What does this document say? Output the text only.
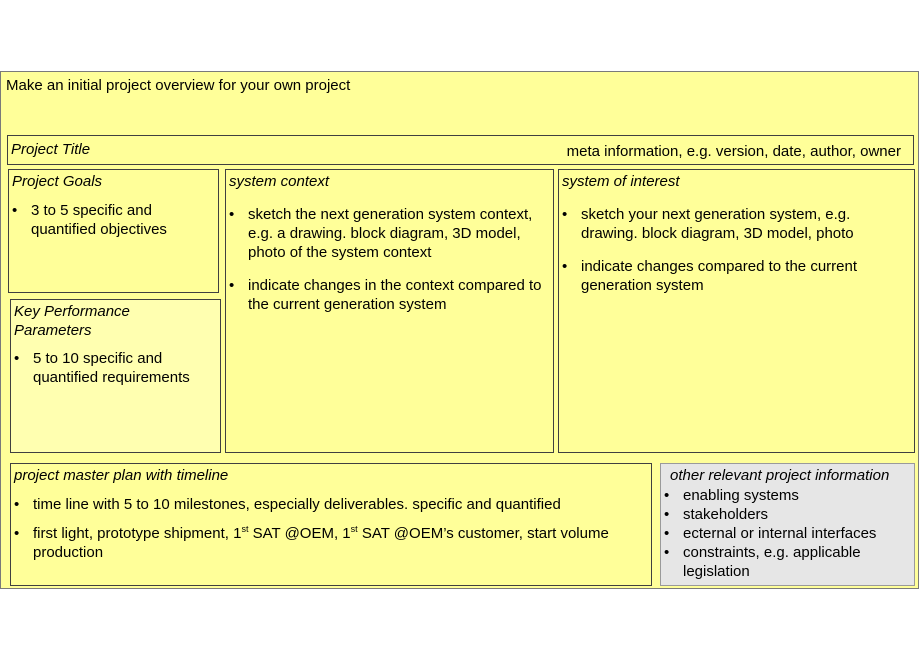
Make an initial project overview for your own project
Project Title	meta information, e.g. version, date, author, owner
Project Goals
• 3 to 5 specific and quantified objectives
Key Performance Parameters
• 5 to 10 specific and quantified requirements
system context
• sketch the next generation system context, e.g. a drawing. block diagram, 3D model, photo of the system context
• indicate changes in the context compared to the current generation system
system of interest
• sketch your next generation system, e.g. drawing. block diagram, 3D model, photo
• indicate changes compared to the current generation system
project master plan with timeline
• time line with 5 to 10 milestones, especially deliverables. specific and quantified
• first light, prototype shipment, 1st SAT @OEM, 1st SAT @OEM’s customer, start volume production
other relevant project information
• enabling systems
• stakeholders
• ecternal or internal interfaces
• constraints, e.g. applicable legislation
